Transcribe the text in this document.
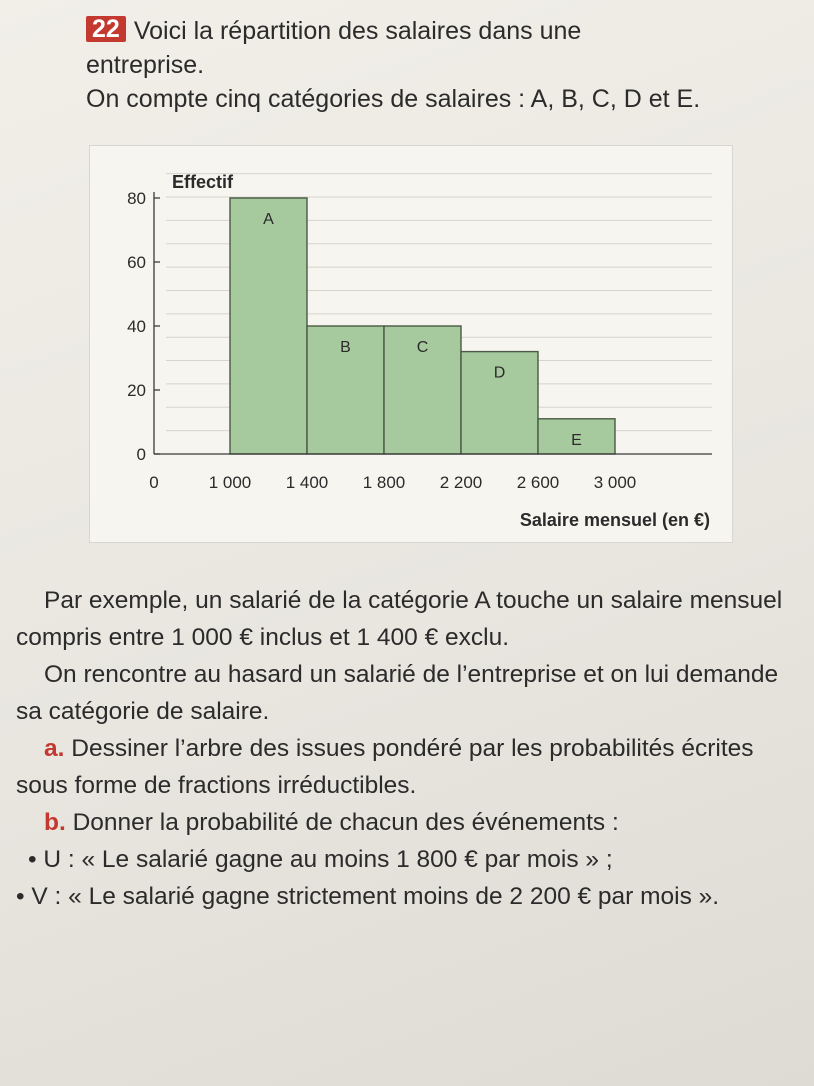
22 Voici la répartition des salaires dans une
entreprise.
On compte cinq catégories de salaires : A, B, C, D et E.
A
B	C
D
E
0
20
40
60
80
0	1 000 1 400 1 800 2 200 2 600 3 000
Effectif
Salaire mensuel (en €)

Par exemple, un salarié de la catégorie A touche un salaire mensuel compris entre 1 000 € inclus et 1 400 € exclu.

On rencontre au hasard un salarié de l’entreprise et on lui demande sa catégorie de salaire.

a. Dessiner l’arbre des issues pondéré par les probabilités écrites sous forme de fractions irréductibles.

b. Donner la probabilité de chacun des événements :

• U : « Le salarié gagne au moins 1 800 € par mois » ;

• V : « Le salarié gagne strictement moins de 2 200 € par mois ».
